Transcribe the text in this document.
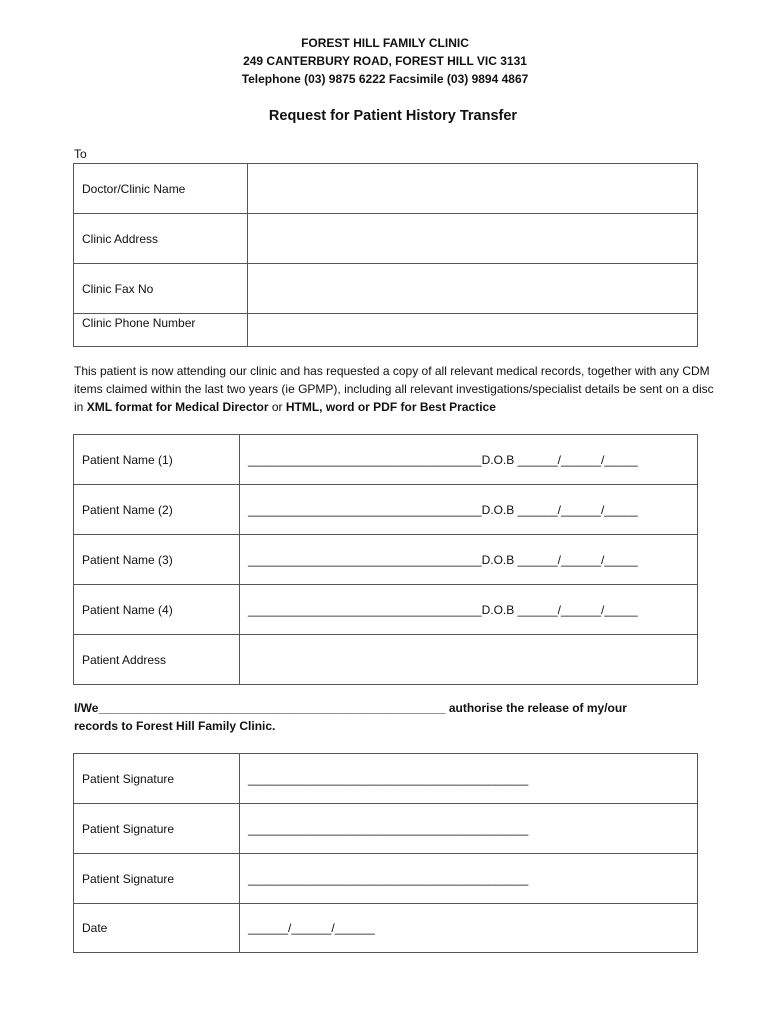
FOREST HILL FAMILY CLINIC
249 CANTERBURY ROAD, FOREST HILL VIC 3131
Telephone (03) 9875 6222 Facsimile (03) 9894 4867
Request for Patient History Transfer
To
Doctor/Clinic Name	
Clinic Address	
Clinic Fax No	
Clinic Phone Number	
This patient is now attending our clinic and has requested a copy of all relevant medical records, together with any CDM items claimed within the last two years (ie GPMP), including all relevant investigations/specialist details be sent on a disc in XML format for Medical Director or HTML, word or PDF for Best Practice
Patient Name (1)	___________________________________D.O.B ______/______/_____
Patient Name (2)	___________________________________D.O.B ______/______/_____
Patient Name (3)	___________________________________D.O.B ______/______/_____
Patient Name (4)	___________________________________D.O.B ______/______/_____
Patient Address	
I/We____________________________________________________ authorise the release of my/our
records to Forest Hill Family Clinic.
Patient Signature	__________________________________________
Patient Signature	__________________________________________
Patient Signature	__________________________________________
Date	______/______/______
